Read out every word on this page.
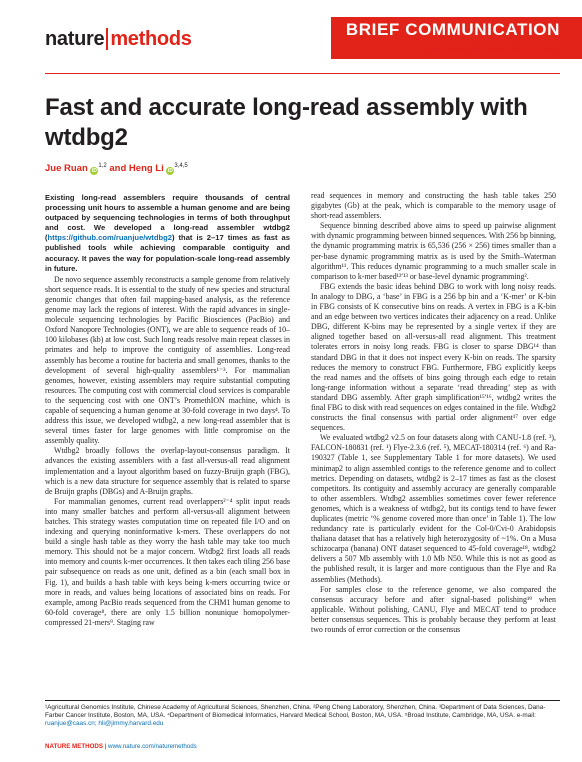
nature methods	BRIEF COMMUNICATION
https://doi.org/10.1038/s41592-019-0669-3
Fast and accurate long-read assembly with wtdbg2
Jue Ruan iD$^{1,2}$ and Heng Li iD$^{3,4,5}$

Existing long-read assemblers require thousands of central processing unit hours to assemble a human genome and are being outpaced by sequencing technologies in terms of both throughput and cost. We developed a long-read assembler wtdbg2 (https://github.com/ruanjue/wtdbg2) that is 2–17 times as fast as published tools while achieving comparable contiguity and accuracy. It paves the way for population-scale long-read assembly in future.

De novo sequence assembly reconstructs a sample genome from relatively short sequence reads. It is essential to the study of new species and structural genomic changes that often fail mapping-based analysis, as the reference genome may lack the regions of interest. With the rapid advances in single-molecule sequencing technologies by Pacific Biosciences (PacBio) and Oxford Nanopore Technologies (ONT), we are able to sequence reads of 10–100 kilobases (kb) at low cost. Such long reads resolve main repeat classes in primates and help to improve the contiguity of assemblies. Long-read assembly has become a routine for bacteria and small genomes, thanks to the development of several high-quality assemblers¹⁻³. For mammalian genomes, however, existing assemblers may require substantial computing resources. The computing cost with commercial cloud services is comparable to the sequencing cost with one ONT’s PromethION machine, which is capable of sequencing a human genome at 30-fold coverage in two days⁴. To address this issue, we developed wtdbg2, a new long-read assembler that is several times faster for large genomes with little compromise on the assembly quality.

Wtdbg2 broadly follows the overlap-layout-consensus paradigm. It advances the existing assemblers with a fast all-versus-all read alignment implementation and a layout algorithm based on fuzzy-Bruijn graph (FBG), which is a new data structure for sequence assembly that is related to sparse de Bruijn graphs (DBGs) and A-Bruijn graphs.

For mammalian genomes, current read overlappers²⁻⁴ split input reads into many smaller batches and perform all-versus-all alignment between batches. This strategy wastes computation time on repeated file I/O and on indexing and querying noninformative k-mers. These overlappers do not build a single hash table as they worry the hash table may take too much memory. This should not be a major concern. Wtdbg2 first loads all reads into memory and counts k-mer occurrences. It then takes each tiling 256 base pair subsequence on reads as one unit, defined as a bin (each small box in Fig. 1), and builds a hash table with keys being k-mers occurring twice or more in reads, and values being locations of associated bins on reads. For example, among PacBio reads sequenced from the CHM1 human genome to 60-fold coverage⁸, there are only 1.5 billion nonunique homopolymer-compressed 21-mers⁹. Staging raw

read sequences in memory and constructing the hash table takes 250 gigabytes (Gb) at the peak, which is comparable to the memory usage of short-read assemblers.

Sequence binning described above aims to speed up pairwise alignment with dynamic programming between binned sequences. With 256 bp binning, the dynamic programming matrix is 65,536 (256 × 256) times smaller than a per-base dynamic programming matrix as is used by the Smith–Waterman algorithm¹¹. This reduces dynamic programming to a much smaller scale in comparison to k-mer based¹²ʹ¹³ or base-level dynamic programming².

FBG extends the basic ideas behind DBG to work with long noisy reads. In analogy to DBG, a ‘base’ in FBG is a 256 bp bin and a ‘K-mer’ or K-bin in FBG consists of K consecutive bins on reads. A vertex in FBG is a K-bin and an edge between two vertices indicates their adjacency on a read. Unlike DBG, different K-bins may be represented by a single vertex if they are aligned together based on all-versus-all read alignment. This treatment tolerates errors in noisy long reads. FBG is closer to sparse DBG¹⁴ than standard DBG in that it does not inspect every K-bin on reads. The sparsity reduces the memory to construct FBG. Furthermore, FBG explicitly keeps the read names and the offsets of bins going through each edge to retain long-range information without a separate ‘read threading’ step as with standard DBG assembly. After graph simplification¹⁵ʹ¹⁶, wtdbg2 writes the final FBG to disk with read sequences on edges contained in the file. Wtdbg2 constructs the final consensus with partial order alignment¹⁷ over edge sequences.

We evaluated wtdbg2 v2.5 on four datasets along with CANU-1.8 (ref. ³), FALCON-180831 (ref. ¹) Flye-2.3.6 (ref. ⁵), MECAT-180314 (ref. ⁶) and Ra-190327 (Table 1, see Supplementary Table 1 for more datasets). We used minimap2 to align assembled contigs to the reference genome and to collect metrics. Depending on datasets, wtdbg2 is 2–17 times as fast as the closest competitors. Its contiguity and assembly accuracy are generally comparable to other assemblers. Wtdbg2 assemblies sometimes cover fewer reference genomes, which is a weakness of wtdbg2, but its contigs tend to have fewer duplicates (metric ‘% genome covered more than once’ in Table 1). The low redundancy rate is particularly evident for the Col-0/Cvi-0 Arabidopsis thaliana dataset that has a relatively high heterozygosity of ~1%. On a Musa schizocarpa (banana) ONT dataset sequenced to 45-fold coverage¹⁸, wtdbg2 delivers a 507 Mb assembly with 1.0 Mb N50. While this is not as good as the published result, it is larger and more contiguous than the Flye and Ra assemblies (Methods).

For samples close to the reference genome, we also compared the consensus accuracy before and after signal-based polishing¹⁹ when applicable. Without polishing, CANU, Flye and MECAT tend to produce better consensus sequences. This is probably because they perform at least two rounds of error correction or the consensus

¹Agricultural Genomics Institute, Chinese Academy of Agricultural Sciences, Shenzhen, China. ²Peng Cheng Laboratory, Shenzhen, China. ³Department of Data Sciences, Dana-Farber Cancer Institute, Boston, MA, USA. ⁴Department of Biomedical Informatics, Harvard Medical School, Boston, MA, USA. ⁵Broad Institute, Cambridge, MA, USA. e-mail: ruanjue@caas.cn; hli@jimmy.harvard.edu
NATURE METHODS | www.nature.com/naturemethods
